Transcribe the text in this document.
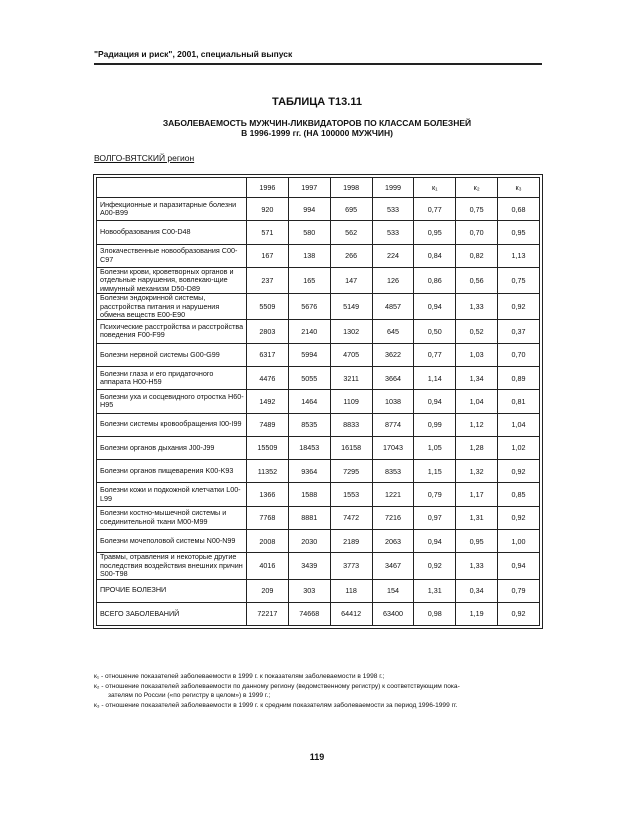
"Радиация и риск", 2001, специальный выпуск
ТАБЛИЦА Т13.11
ЗАБОЛЕВАЕМОСТЬ МУЖЧИН-ЛИКВИДАТОРОВ ПО КЛАССАМ БОЛЕЗНЕЙ
В 1996-1999 гг. (НА 100000 МУЖЧИН)
ВОЛГО-ВЯТСКИЙ регион
	1996	1997	1998	1999	к₁	к₂	к₃
Инфекционные и паразитарные болезни A00-B99	920	994	695	533	0,77	0,75	0,68
Новообразования C00-D48	571	580	562	533	0,95	0,70	0,95
Злокачественные новообразования C00-C97	167	138	266	224	0,84	0,82	1,13
Болезни крови, кроветворных органов и отдельные нарушения, вовлекаю-щие иммунный механизм D50-D89	237	165	147	126	0,86	0,56	0,75
Болезни эндокринной системы, расстройства питания и нарушения обмена веществ E00-E90	5509	5676	5149	4857	0,94	1,33	0,92
Психические расстройства и расстройства поведения F00-F99	2803	2140	1302	645	0,50	0,52	0,37
Болезни нервной системы G00-G99	6317	5994	4705	3622	0,77	1,03	0,70
Болезни глаза и его придаточного аппарата H00-H59	4476	5055	3211	3664	1,14	1,34	0,89
Болезни уха и сосцевидного отростка H60-H95	1492	1464	1109	1038	0,94	1,04	0,81
Болезни системы кровообращения I00-I99	7489	8535	8833	8774	0,99	1,12	1,04
Болезни органов дыхания J00-J99	15509	18453	16158	17043	1,05	1,28	1,02
Болезни органов пищеварения K00-K93	11352	9364	7295	8353	1,15	1,32	0,92
Болезни кожи и подкожной клетчатки L00-L99	1366	1588	1553	1221	0,79	1,17	0,85
Болезни костно-мышечной системы и соединительной ткани M00-M99	7768	8881	7472	7216	0,97	1,31	0,92
Болезни мочеполовой системы N00-N99	2008	2030	2189	2063	0,94	0,95	1,00
Травмы, отравления и некоторые другие последствия воздействия внешних причин S00-T98	4016	3439	3773	3467	0,92	1,33	0,94
ПРОЧИЕ БОЛЕЗНИ	209	303	118	154	1,31	0,34	0,79
ВСЕГО ЗАБОЛЕВАНИЙ	72217	74668	64412	63400	0,98	1,19	0,92
к₁ - отношение показателей заболеваемости в 1999 г. к показателям заболеваемости в 1998 г.;
к₂ - отношение показателей заболеваемости по данному региону (ведомственному регистру) к соответствующим пока-
зателям по России («по регистру в целом») в 1999 г.;
к₃ - отношение показателей заболеваемости в 1999 г. к средним показателям заболеваемости за период 1996-1999 гг.
119
